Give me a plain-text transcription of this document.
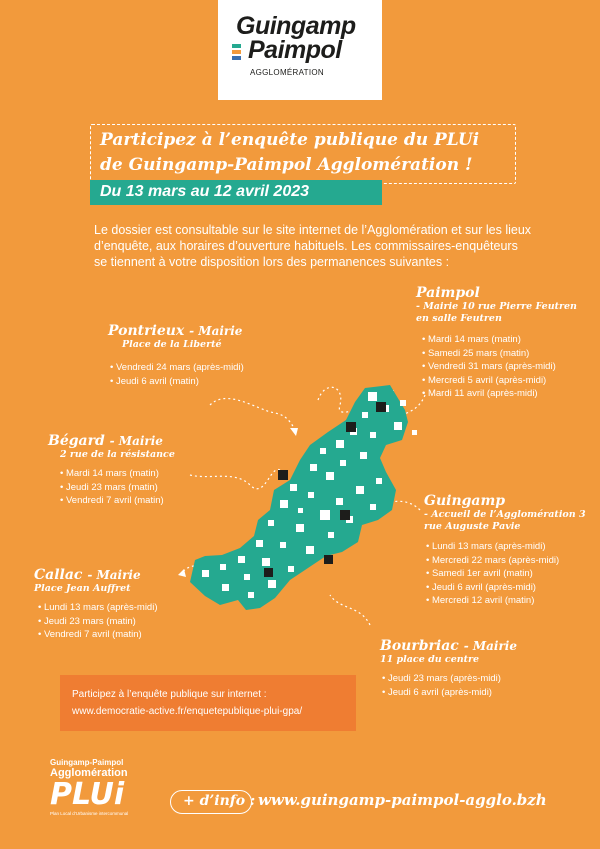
Guingamp
Paimpol
AGGLOMÉRATION
Participez à l’enquête publique du PLUi
de Guingamp-Paimpol Agglomération !
Du 13 mars au 12 avril 2023
Le dossier est consultable sur le site internet de l’Agglomération et sur les lieux d’enquête, aux horaires d’ouverture habituels. Les commissaires-enquêteurs se tiennent à votre disposition lors des permanences suivantes :
Paimpol
- Mairie 10 rue Pierre Feutren en salle Feutren
• Mardi 14 mars (matin)
• Samedi 25 mars (matin)
• Vendredi 31 mars (après-midi)
• Mercredi 5 avril (après-midi)
• Mardi 11 avril (après-midi)
Pontrieux - Mairie
Place de la Liberté
• Vendredi 24 mars (après-midi)
• Jeudi 6 avril (matin)
Bégard - Mairie
2 rue de la résistance
• Mardi 14 mars (matin)
• Jeudi 23 mars (matin)
• Vendredi 7 avril (matin)	Guingamp
- Accueil de l’Agglomération 3 rue Auguste Pavie
• Lundi 13 mars (après-midi)
• Mercredi 22 mars (après-midi)
• Samedi 1er avril (matin)
• Jeudi 6 avril (après-midi)
• Mercredi 12 avril (matin)
Callac - Mairie
Place Jean Auffret
• Lundi 13 mars (après-midi)
• Jeudi 23 mars (matin)
• Vendredi 7 avril (matin)
Bourbriac - Mairie
11 place du centre
• Jeudi 23 mars (après-midi)
• Jeudi 6 avril (après-midi)
Participez à l’enquête publique sur internet :
www.democratie-active.fr/enquetepublique-plui-gpa/
Guingamp-Paimpol
Agglomération
PLUi
Plan Local d’Urbanisme intercommunal
+ d’info : www.guingamp-paimpol-agglo.bzh
